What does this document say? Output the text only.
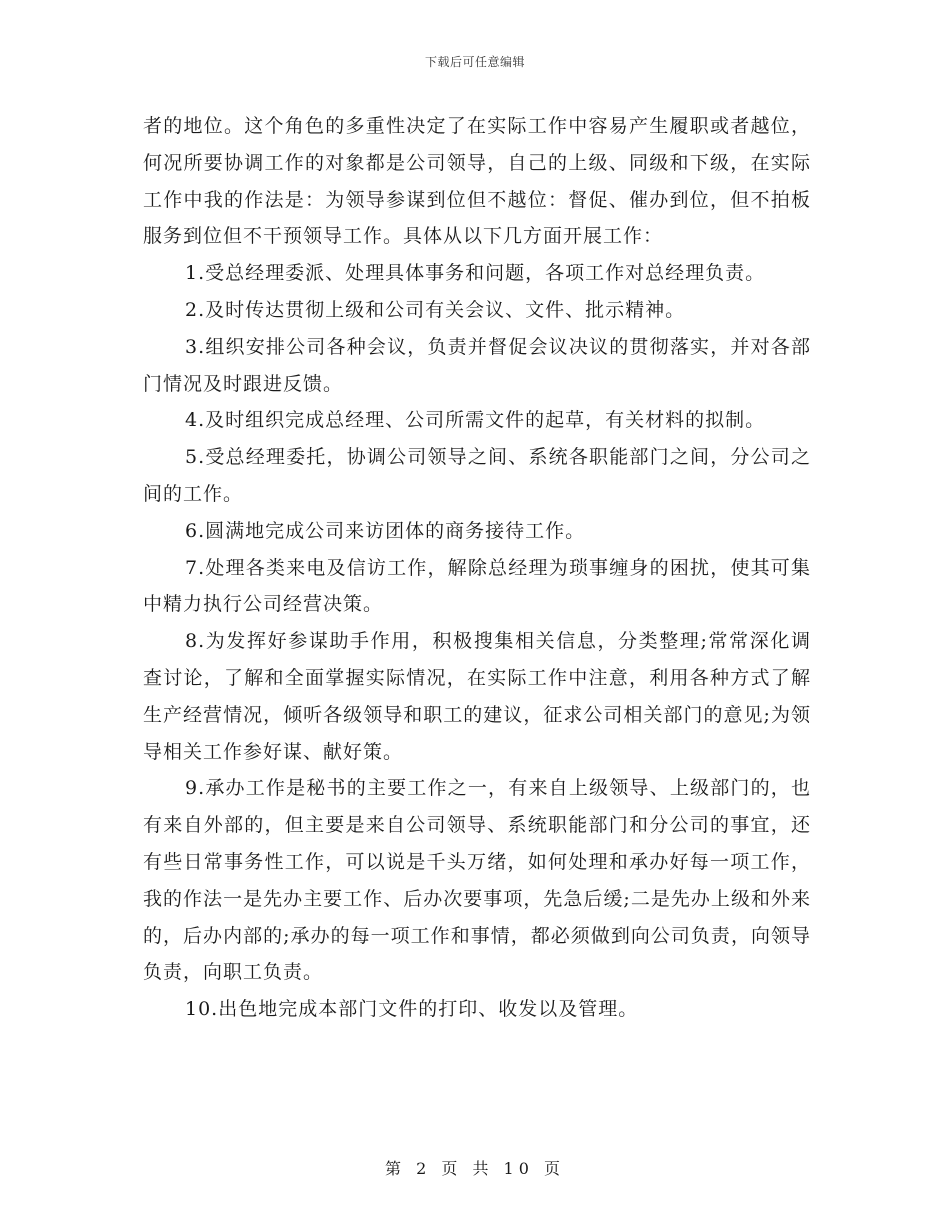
下载后可任意编辑

者的地位。这个角色的多重性决定了在实际工作中容易产生履职或者越位，何况所要协调工作的对象都是公司领导，自己的上级、同级和下级，在实际工作中我的作法是：为领导参谋到位但不越位：督促、催办到位，但不拍板服务到位但不干预领导工作。具体从以下几方面开展工作：

1.受总经理委派、处理具体事务和问题，各项工作对总经理负责。

2.及时传达贯彻上级和公司有关会议、文件、批示精神。

3.组织安排公司各种会议，负责并督促会议决议的贯彻落实，并对各部门情况及时跟进反馈。

4.及时组织完成总经理、公司所需文件的起草，有关材料的拟制。

5.受总经理委托，协调公司领导之间、系统各职能部门之间，分公司之间的工作。

6.圆满地完成公司来访团体的商务接待工作。

7.处理各类来电及信访工作，解除总经理为琐事缠身的困扰，使其可集中精力执行公司经营决策。

8.为发挥好参谋助手作用，积极搜集相关信息，分类整理;常常深化调查讨论，了解和全面掌握实际情况，在实际工作中注意，利用各种方式了解生产经营情况，倾听各级领导和职工的建议，征求公司相关部门的意见;为领导相关工作参好谋、献好策。

9.承办工作是秘书的主要工作之一，有来自上级领导、上级部门的，也有来自外部的，但主要是来自公司领导、系统职能部门和分公司的事宜，还有些日常事务性工作，可以说是千头万绪，如何处理和承办好每一项工作，我的作法一是先办主要工作、后办次要事项，先急后缓;二是先办上级和外来的，后办内部的;承办的每一项工作和事情，都必须做到向公司负责，向领导负责，向职工负责。

10.出色地完成本部门文件的打印、收发以及管理。

第 2 页 共 10 页
